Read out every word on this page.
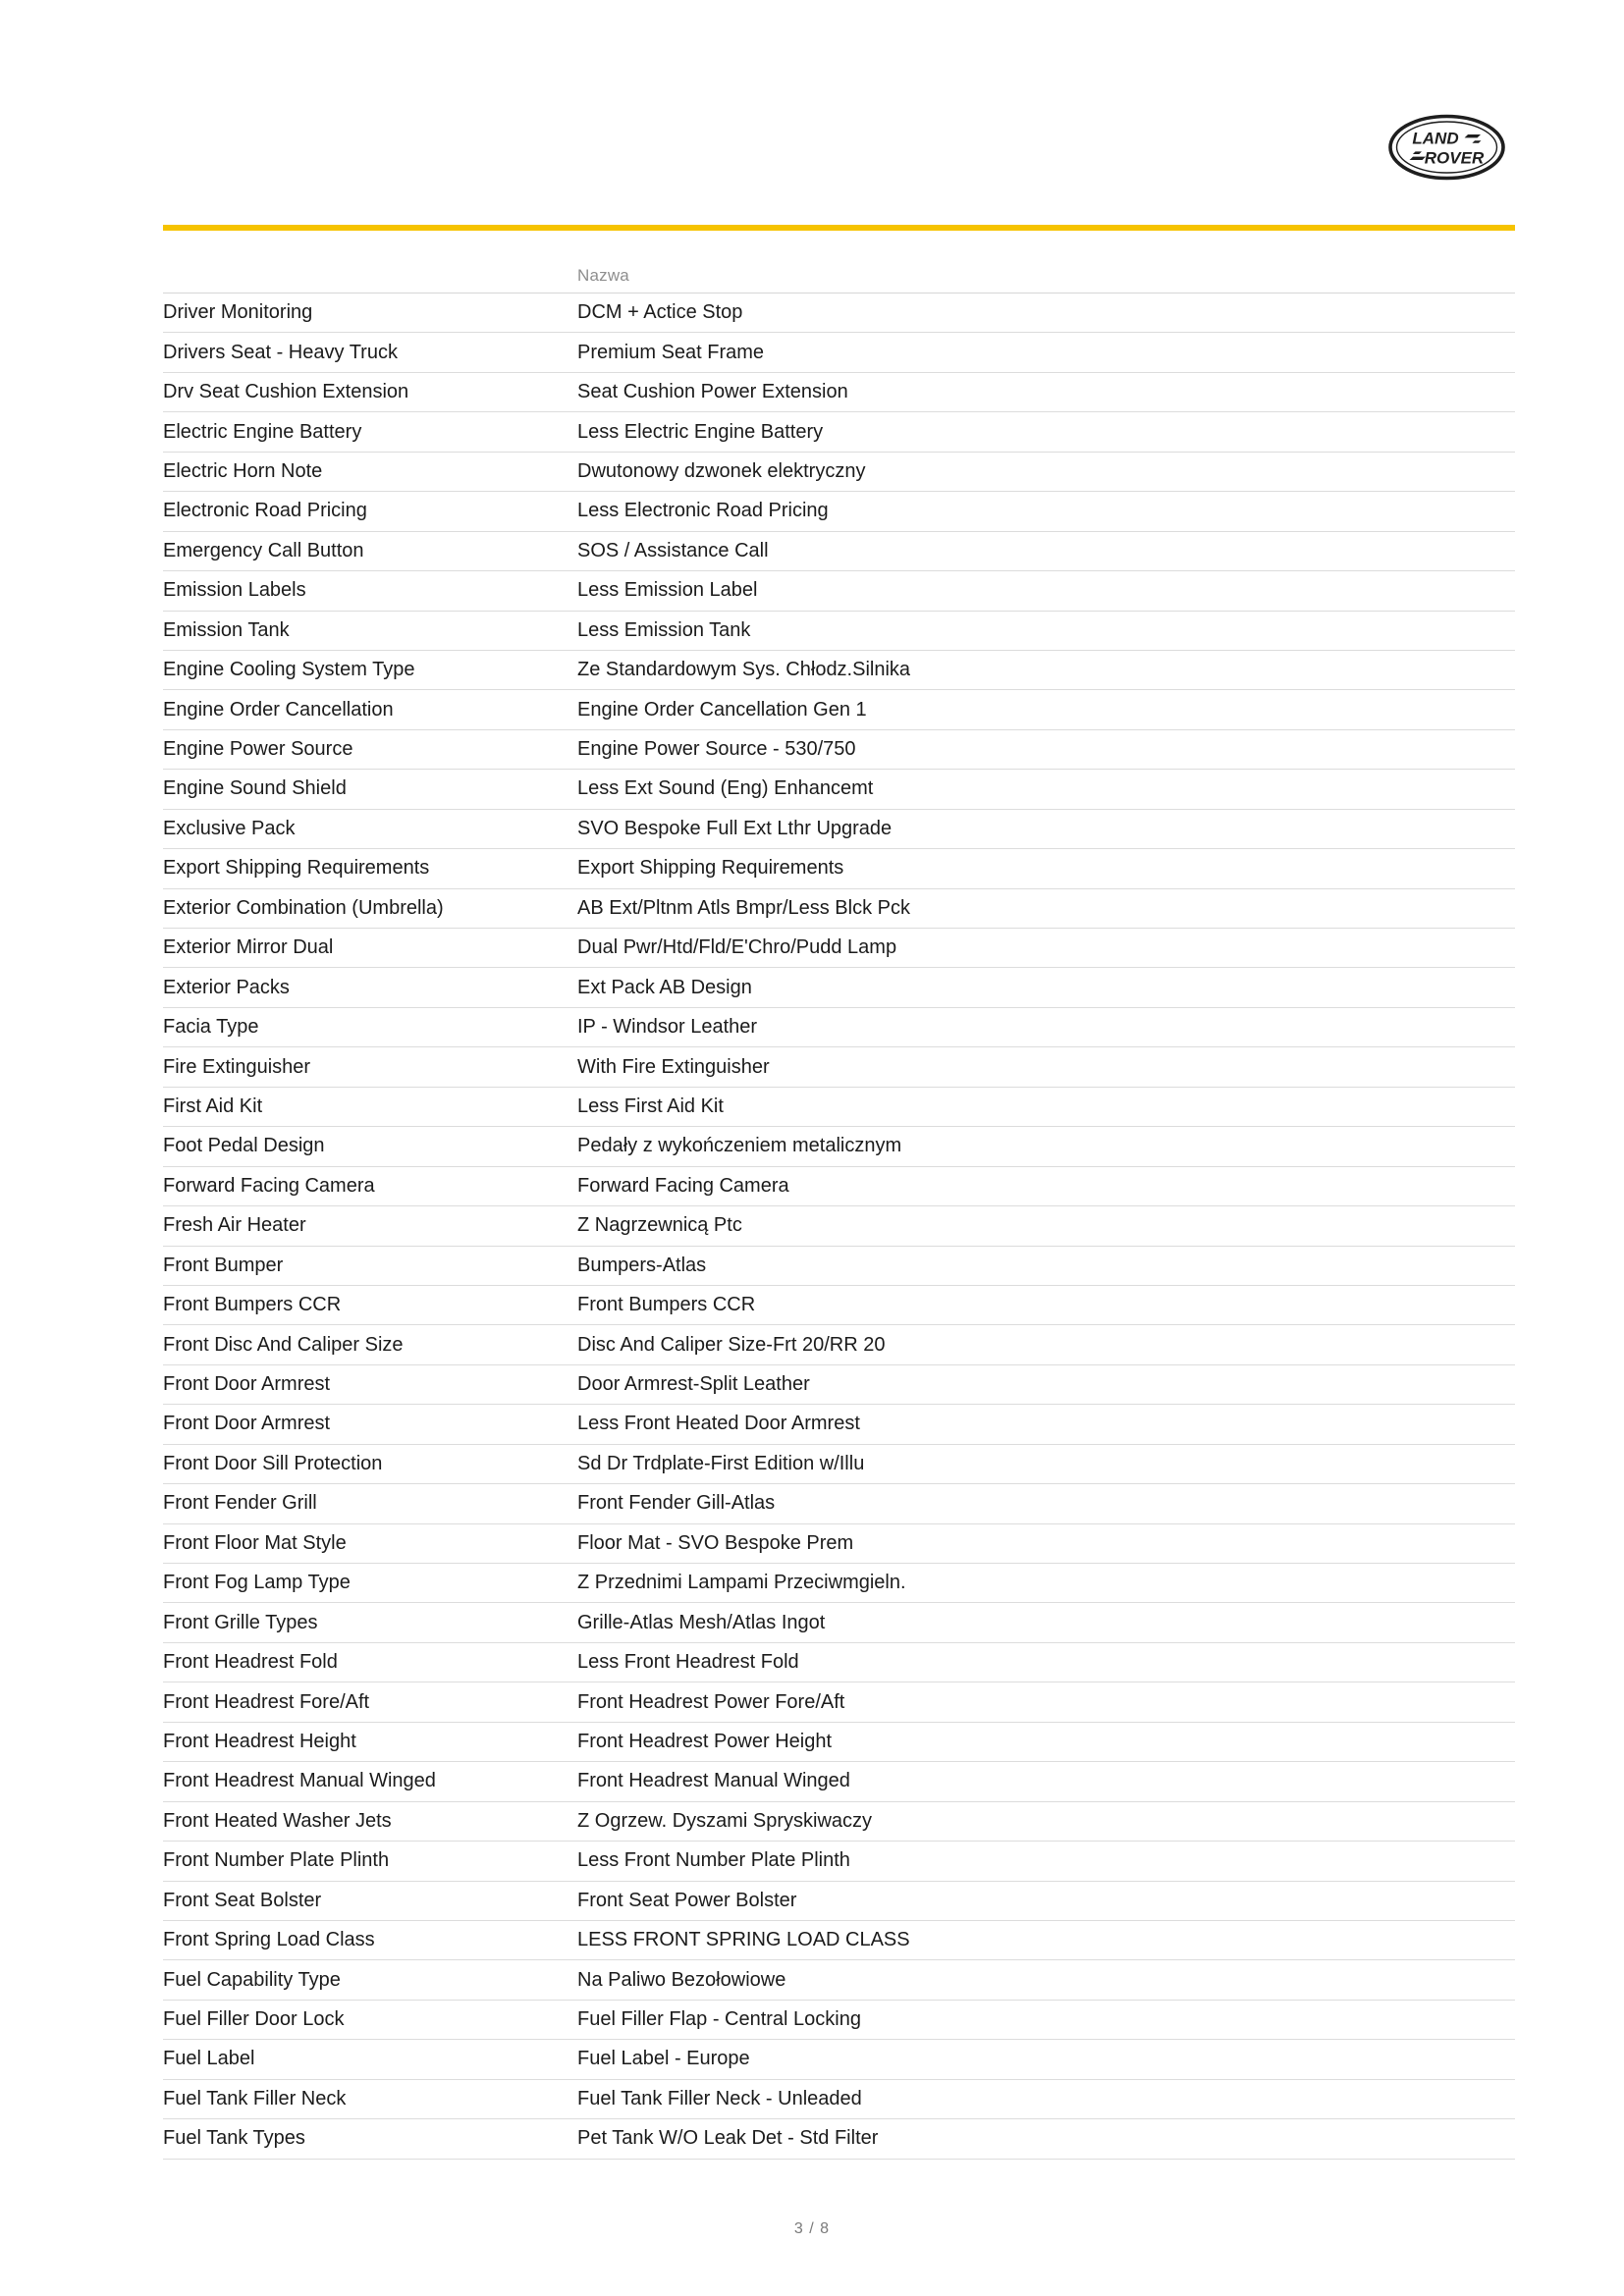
LAND
ROVER
Nazwa
Driver Monitoring	DCM + Actice Stop
Drivers Seat - Heavy Truck	Premium Seat Frame
Drv Seat Cushion Extension	Seat Cushion Power Extension
Electric Engine Battery	Less Electric Engine Battery
Electric Horn Note	Dwutonowy dzwonek elektryczny
Electronic Road Pricing	Less Electronic Road Pricing
Emergency Call Button	SOS / Assistance Call
Emission Labels	Less Emission Label
Emission Tank	Less Emission Tank
Engine Cooling System Type	Ze Standardowym Sys. Chłodz.Silnika
Engine Order Cancellation	Engine Order Cancellation Gen 1
Engine Power Source	Engine Power Source - 530/750
Engine Sound Shield	Less Ext Sound (Eng) Enhancemt
Exclusive Pack	SVO Bespoke Full Ext Lthr Upgrade
Export Shipping Requirements	Export Shipping Requirements
Exterior Combination (Umbrella)	AB Ext/Pltnm Atls Bmpr/Less Blck Pck
Exterior Mirror Dual	Dual Pwr/Htd/Fld/E'Chro/Pudd Lamp
Exterior Packs	Ext Pack AB Design
Facia Type	IP - Windsor Leather
Fire Extinguisher	With Fire Extinguisher
First Aid Kit	Less First Aid Kit
Foot Pedal Design	Pedały z wykończeniem metalicznym
Forward Facing Camera	Forward Facing Camera
Fresh Air Heater	Z Nagrzewnicą Ptc
Front Bumper	Bumpers-Atlas
Front Bumpers CCR	Front Bumpers CCR
Front Disc And Caliper Size	Disc And Caliper Size-Frt 20/RR 20
Front Door Armrest	Door Armrest-Split Leather
Front Door Armrest	Less Front Heated Door Armrest
Front Door Sill Protection	Sd Dr Trdplate-First Edition w/Illu
Front Fender Grill	Front Fender Gill-Atlas
Front Floor Mat Style	Floor Mat - SVO Bespoke Prem
Front Fog Lamp Type	Z Przednimi Lampami Przeciwmgieln.
Front Grille Types	Grille-Atlas Mesh/Atlas Ingot
Front Headrest Fold	Less Front Headrest Fold
Front Headrest Fore/Aft	Front Headrest Power Fore/Aft
Front Headrest Height	Front Headrest Power Height
Front Headrest Manual Winged	Front Headrest Manual Winged
Front Heated Washer Jets	Z Ogrzew. Dyszami Spryskiwaczy
Front Number Plate Plinth	Less Front Number Plate Plinth
Front Seat Bolster	Front Seat Power Bolster
Front Spring Load Class	LESS FRONT SPRING LOAD CLASS
Fuel Capability Type	Na Paliwo Bezołowiowe
Fuel Filler Door Lock	Fuel Filler Flap - Central Locking
Fuel Label	Fuel Label - Europe
Fuel Tank Filler Neck	Fuel Tank Filler Neck - Unleaded
Fuel Tank Types	Pet Tank W/O Leak Det - Std Filter
3 / 8
